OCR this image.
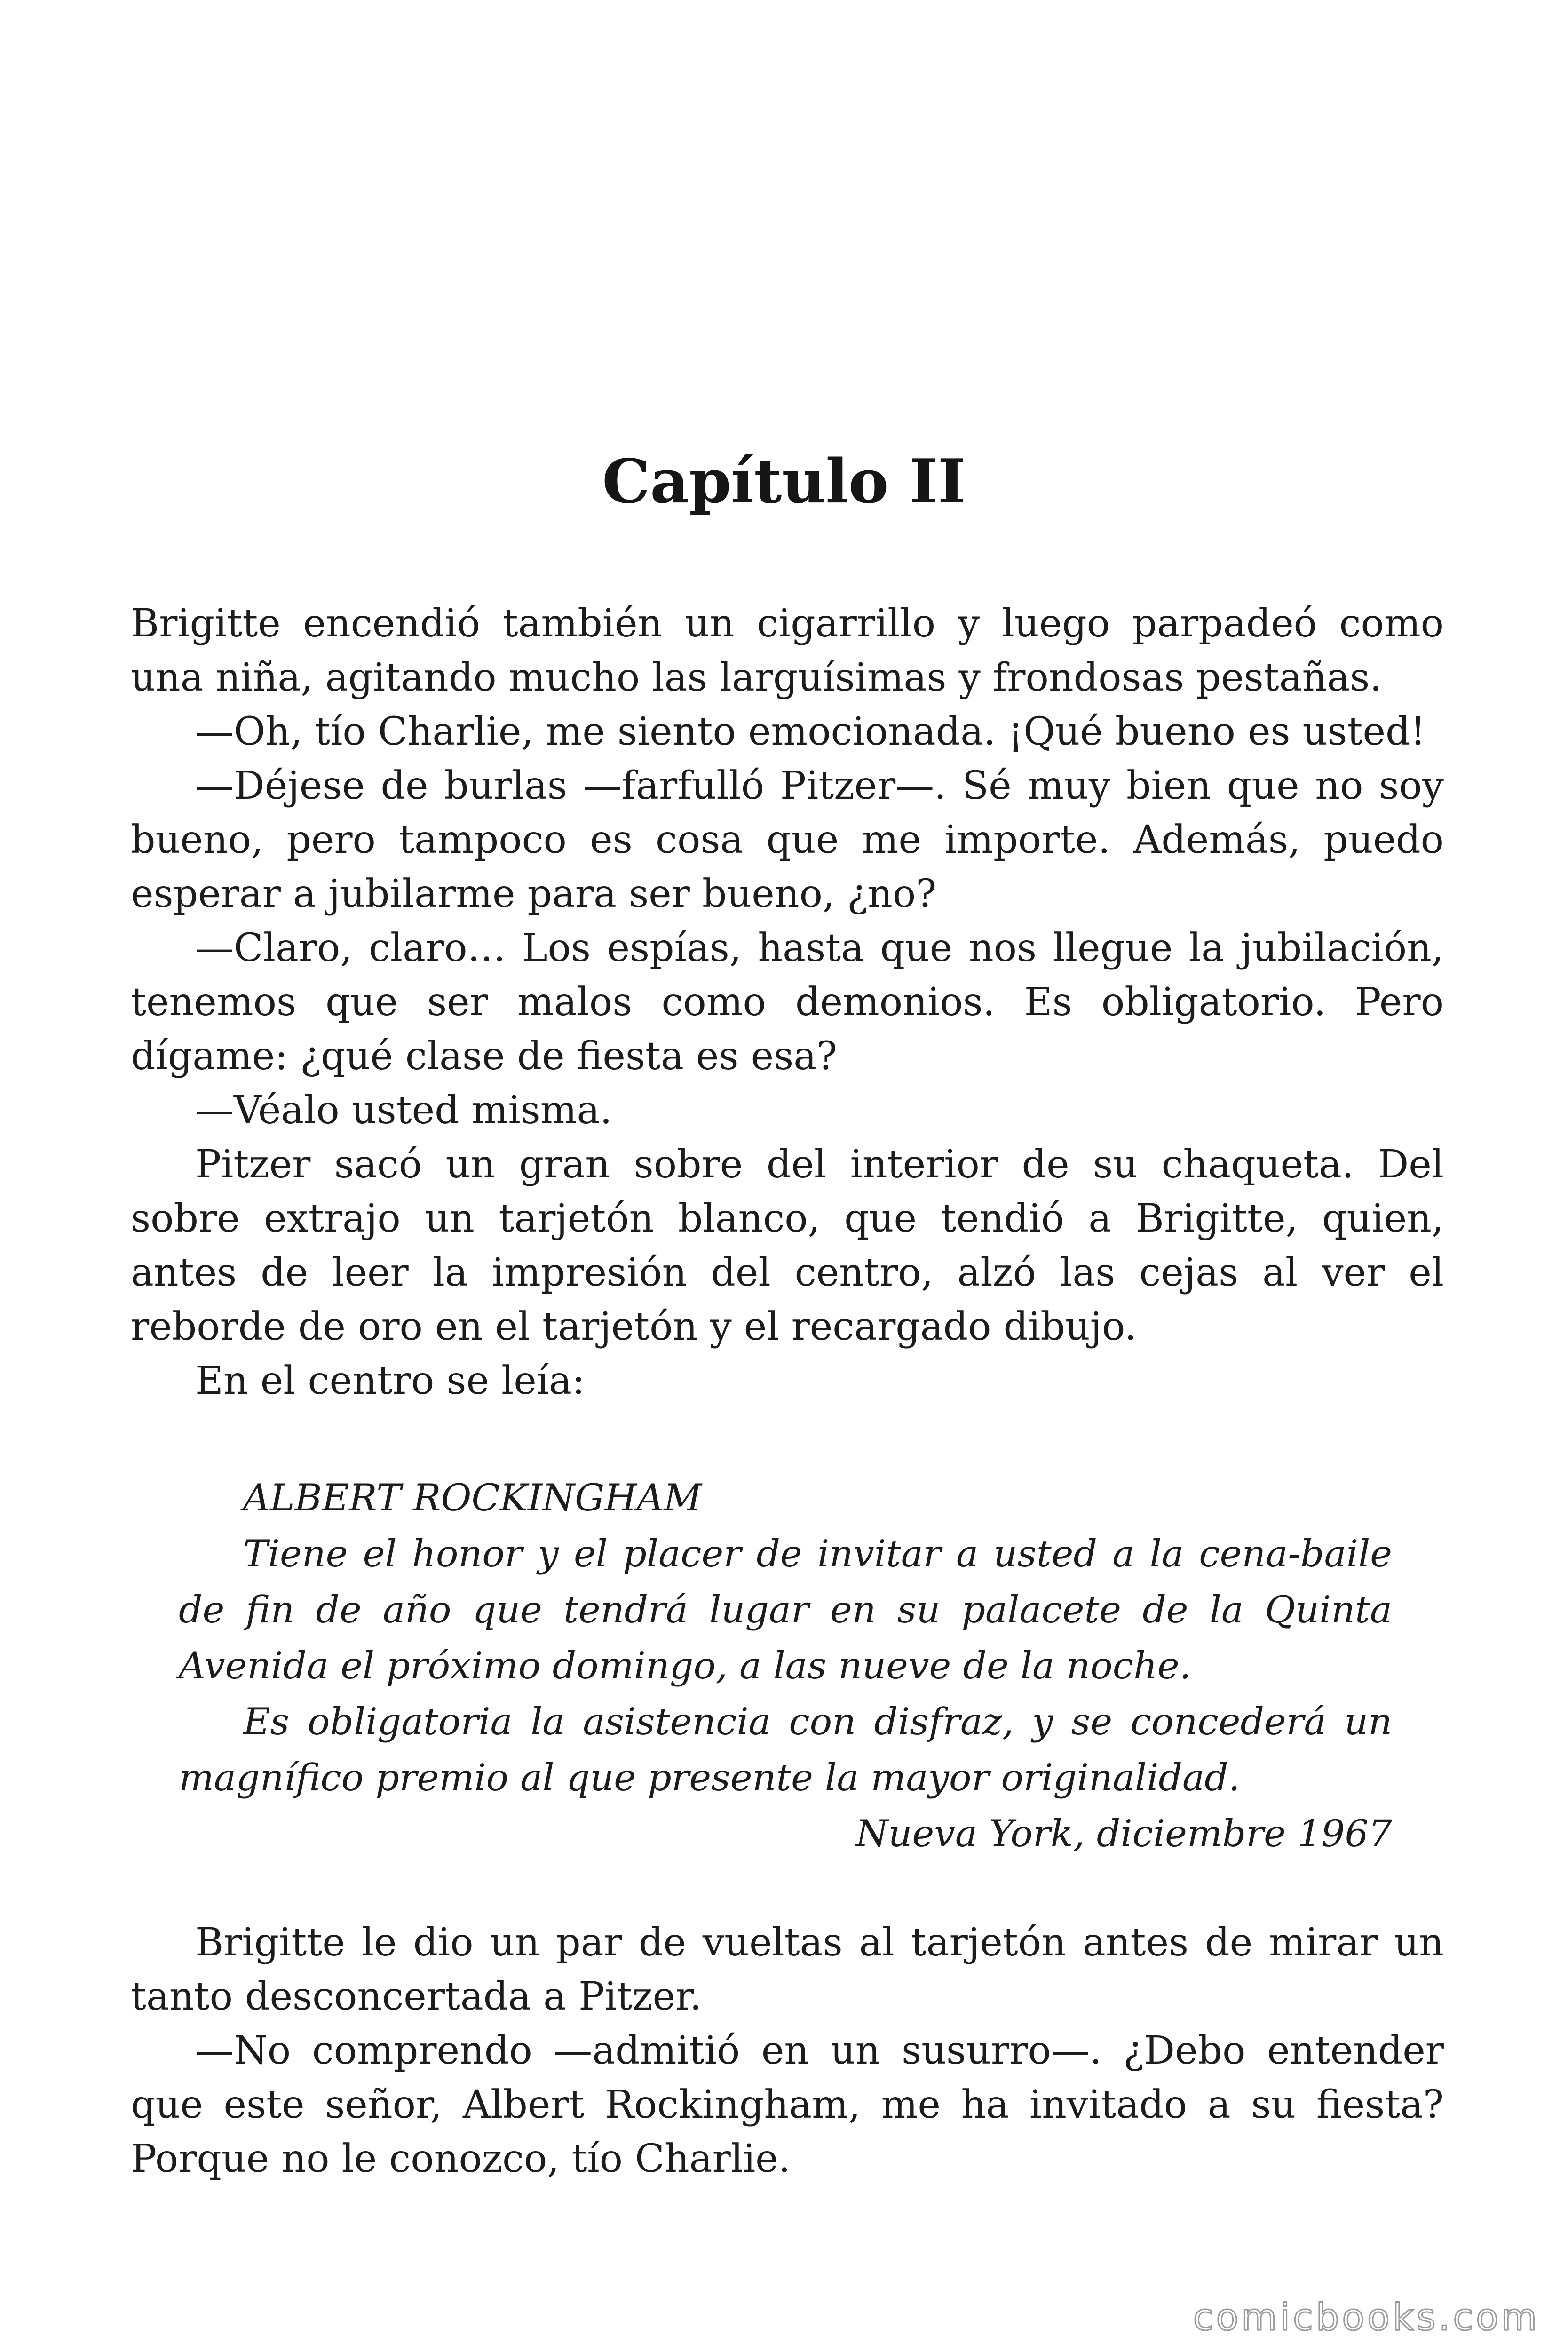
Capítulo II

Brigitte encendió también un cigarrillo y luego parpadeó como una niña, agitando mucho las larguísimas y frondosas pestañas.

—Oh, tío Charlie, me siento emocionada. ¡Qué bueno es usted!

—Déjese de burlas —farfulló Pitzer—. Sé muy bien que no soy bueno, pero tampoco es cosa que me importe. Además, puedo esperar a jubilarme para ser bueno, ¿no?

—Claro, claro… Los espías, hasta que nos llegue la jubilación, tenemos que ser malos como demonios. Es obligatorio. Pero dígame: ¿qué clase de fiesta es esa?

—Véalo usted misma.

Pitzer sacó un gran sobre del interior de su chaqueta. Del sobre extrajo un tarjetón blanco, que tendió a Brigitte, quien, antes de leer la impresión del centro, alzó las cejas al ver el reborde de oro en el tarjetón y el recargado dibujo.

En el centro se leía:

ALBERT ROCKINGHAM

Tiene el honor y el placer de invitar a usted a la cena-baile de fin de año que tendrá lugar en su palacete de la Quinta Avenida el próximo domingo, a las nueve de la noche.

Es obligatoria la asistencia con disfraz, y se concederá un magnífico premio al que presente la mayor originalidad.

Nueva York, diciembre 1967

Brigitte le dio un par de vueltas al tarjetón antes de mirar un tanto desconcertada a Pitzer.

—No comprendo —admitió en un susurro—. ¿Debo entender que este señor, Albert Rockingham, me ha invitado a su fiesta? Porque no le conozco, tío Charlie.

comicbooks.com
